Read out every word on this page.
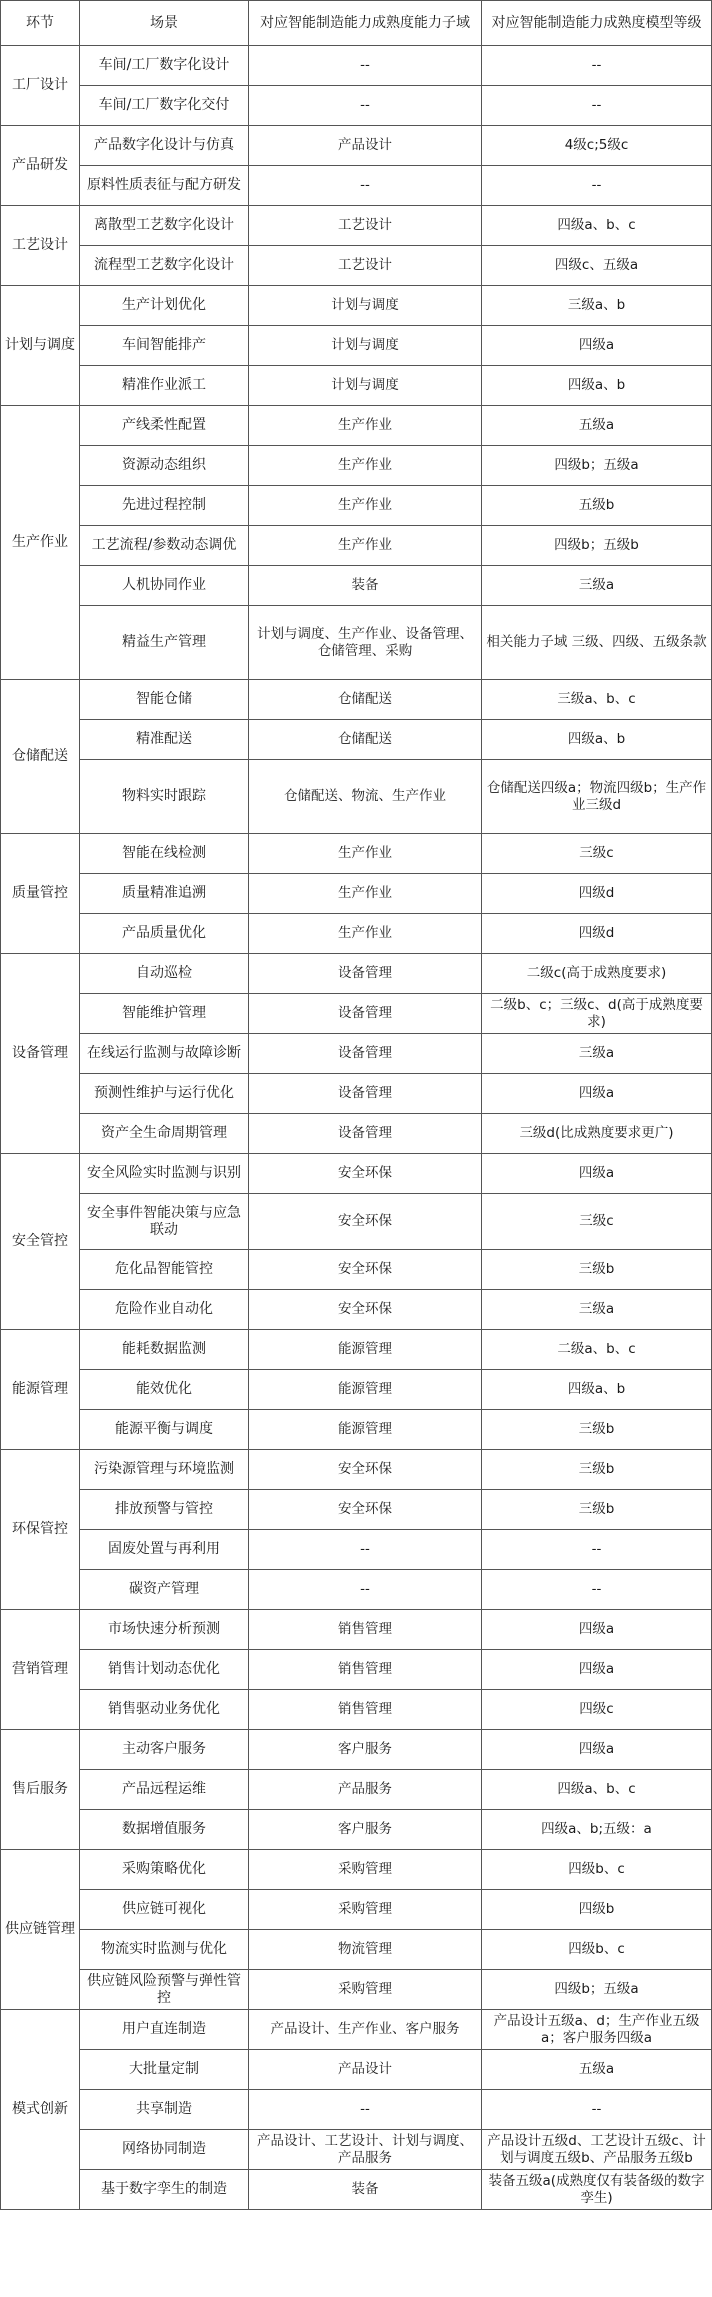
环节	场景	对应智能制造能力成熟度能力子域	对应智能制造能力成熟度模型等级
工厂设计	车间/工厂数字化设计	--	--
	车间/工厂数字化交付	--	--
产品研发	产品数字化设计与仿真	产品设计	4级c;5级c
	原料性质表征与配方研发	--	--
工艺设计	离散型工艺数字化设计	工艺设计	四级a、b、c
	流程型工艺数字化设计	工艺设计	四级c、五级a
计划与调度	生产计划优化	计划与调度	三级a、b
	车间智能排产	计划与调度	四级a
	精准作业派工	计划与调度	四级a、b
生产作业	产线柔性配置	生产作业	五级a
	资源动态组织	生产作业	四级b；五级a
	先进过程控制	生产作业	五级b
	工艺流程/参数动态调优	生产作业	四级b；五级b
	人机协同作业	装备	三级a
	精益生产管理	计划与调度、生产作业、设备管理、仓储管理、采购	相关能力子域 三级、四级、五级条款
仓储配送	智能仓储	仓储配送	三级a、b、c
	精准配送	仓储配送	四级a、b
	物料实时跟踪	仓储配送、物流、生产作业	仓储配送四级a；物流四级b；生产作业三级d
质量管控	智能在线检测	生产作业	三级c
	质量精准追溯	生产作业	四级d
	产品质量优化	生产作业	四级d
设备管理	自动巡检	设备管理	二级c(高于成熟度要求)
	智能维护管理	设备管理	二级b、c；三级c、d(高于成熟度要求)
	在线运行监测与故障诊断	设备管理	三级a
	预测性维护与运行优化	设备管理	四级a
	资产全生命周期管理	设备管理	三级d(比成熟度要求更广)
安全管控	安全风险实时监测与识别	安全环保	四级a
	安全事件智能决策与应急联动	安全环保	三级c
	危化品智能管控	安全环保	三级b
	危险作业自动化	安全环保	三级a
能源管理	能耗数据监测	能源管理	二级a、b、c
	能效优化	能源管理	四级a、b
	能源平衡与调度	能源管理	三级b
环保管控	污染源管理与环境监测	安全环保	三级b
	排放预警与管控	安全环保	三级b
	固废处置与再利用	--	--
	碳资产管理	--	--
营销管理	市场快速分析预测	销售管理	四级a
	销售计划动态优化	销售管理	四级a
	销售驱动业务优化	销售管理	四级c
售后服务	主动客户服务	客户服务	四级a
	产品远程运维	产品服务	四级a、b、c
	数据增值服务	客户服务	四级a、b;五级：a
供应链管理	采购策略优化	采购管理	四级b、c
	供应链可视化	采购管理	四级b
	物流实时监测与优化	物流管理	四级b、c
	供应链风险预警与弹性管控	采购管理	四级b；五级a
模式创新	用户直连制造	产品设计、生产作业、客户服务	产品设计五级a、d；生产作业五级a；客户服务四级a
	大批量定制	产品设计	五级a
	共享制造	--	--
	网络协同制造	产品设计、工艺设计、计划与调度、产品服务	产品设计五级d、工艺设计五级c、计划与调度五级b、产品服务五级b
	基于数字孪生的制造	装备	装备五级a(成熟度仅有装备级的数字孪生)
